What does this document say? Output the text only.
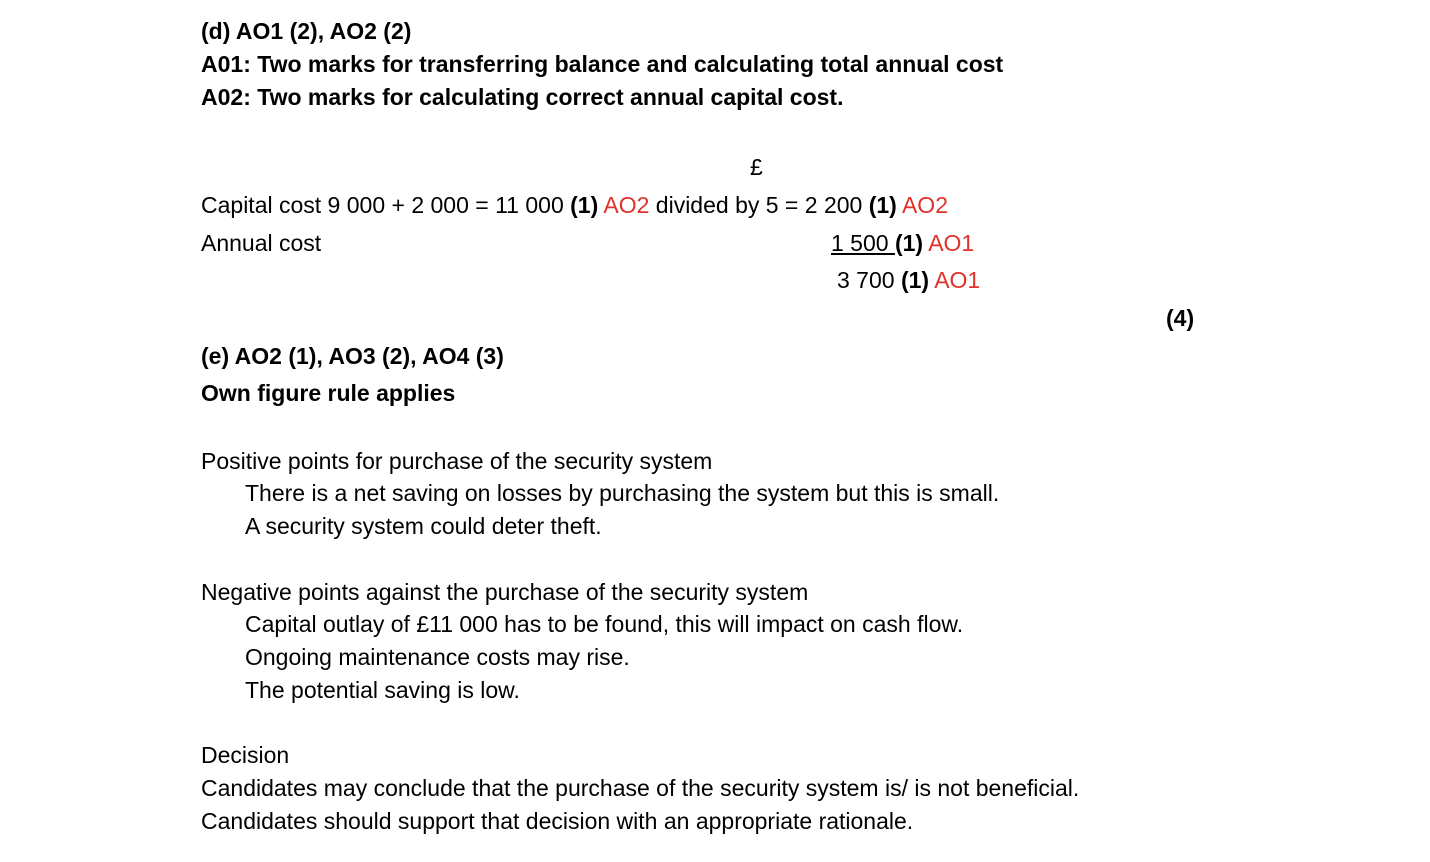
(d) AO1 (2), AO2 (2)
A01: Two marks for transferring balance and calculating total annual cost
A02: Two marks for calculating correct annual capital cost.
£
Capital cost 9 000 + 2 000 = 11 000 (1) AO2 divided by 5 = 2 200 (1) AO2
Annual cost	1 500 (1) AO1
3 700 (1) AO1
(4)
(e) AO2 (1), AO3 (2), AO4 (3)
Own figure rule applies
Positive points for purchase of the security system
There is a net saving on losses by purchasing the system but this is small.
A security system could deter theft.
Negative points against the purchase of the security system
Capital outlay of £11 000 has to be found, this will impact on cash flow.
Ongoing maintenance costs may rise.
The potential saving is low.
Decision
Candidates may conclude that the purchase of the security system is/ is not beneficial.
Candidates should support that decision with an appropriate rationale.
